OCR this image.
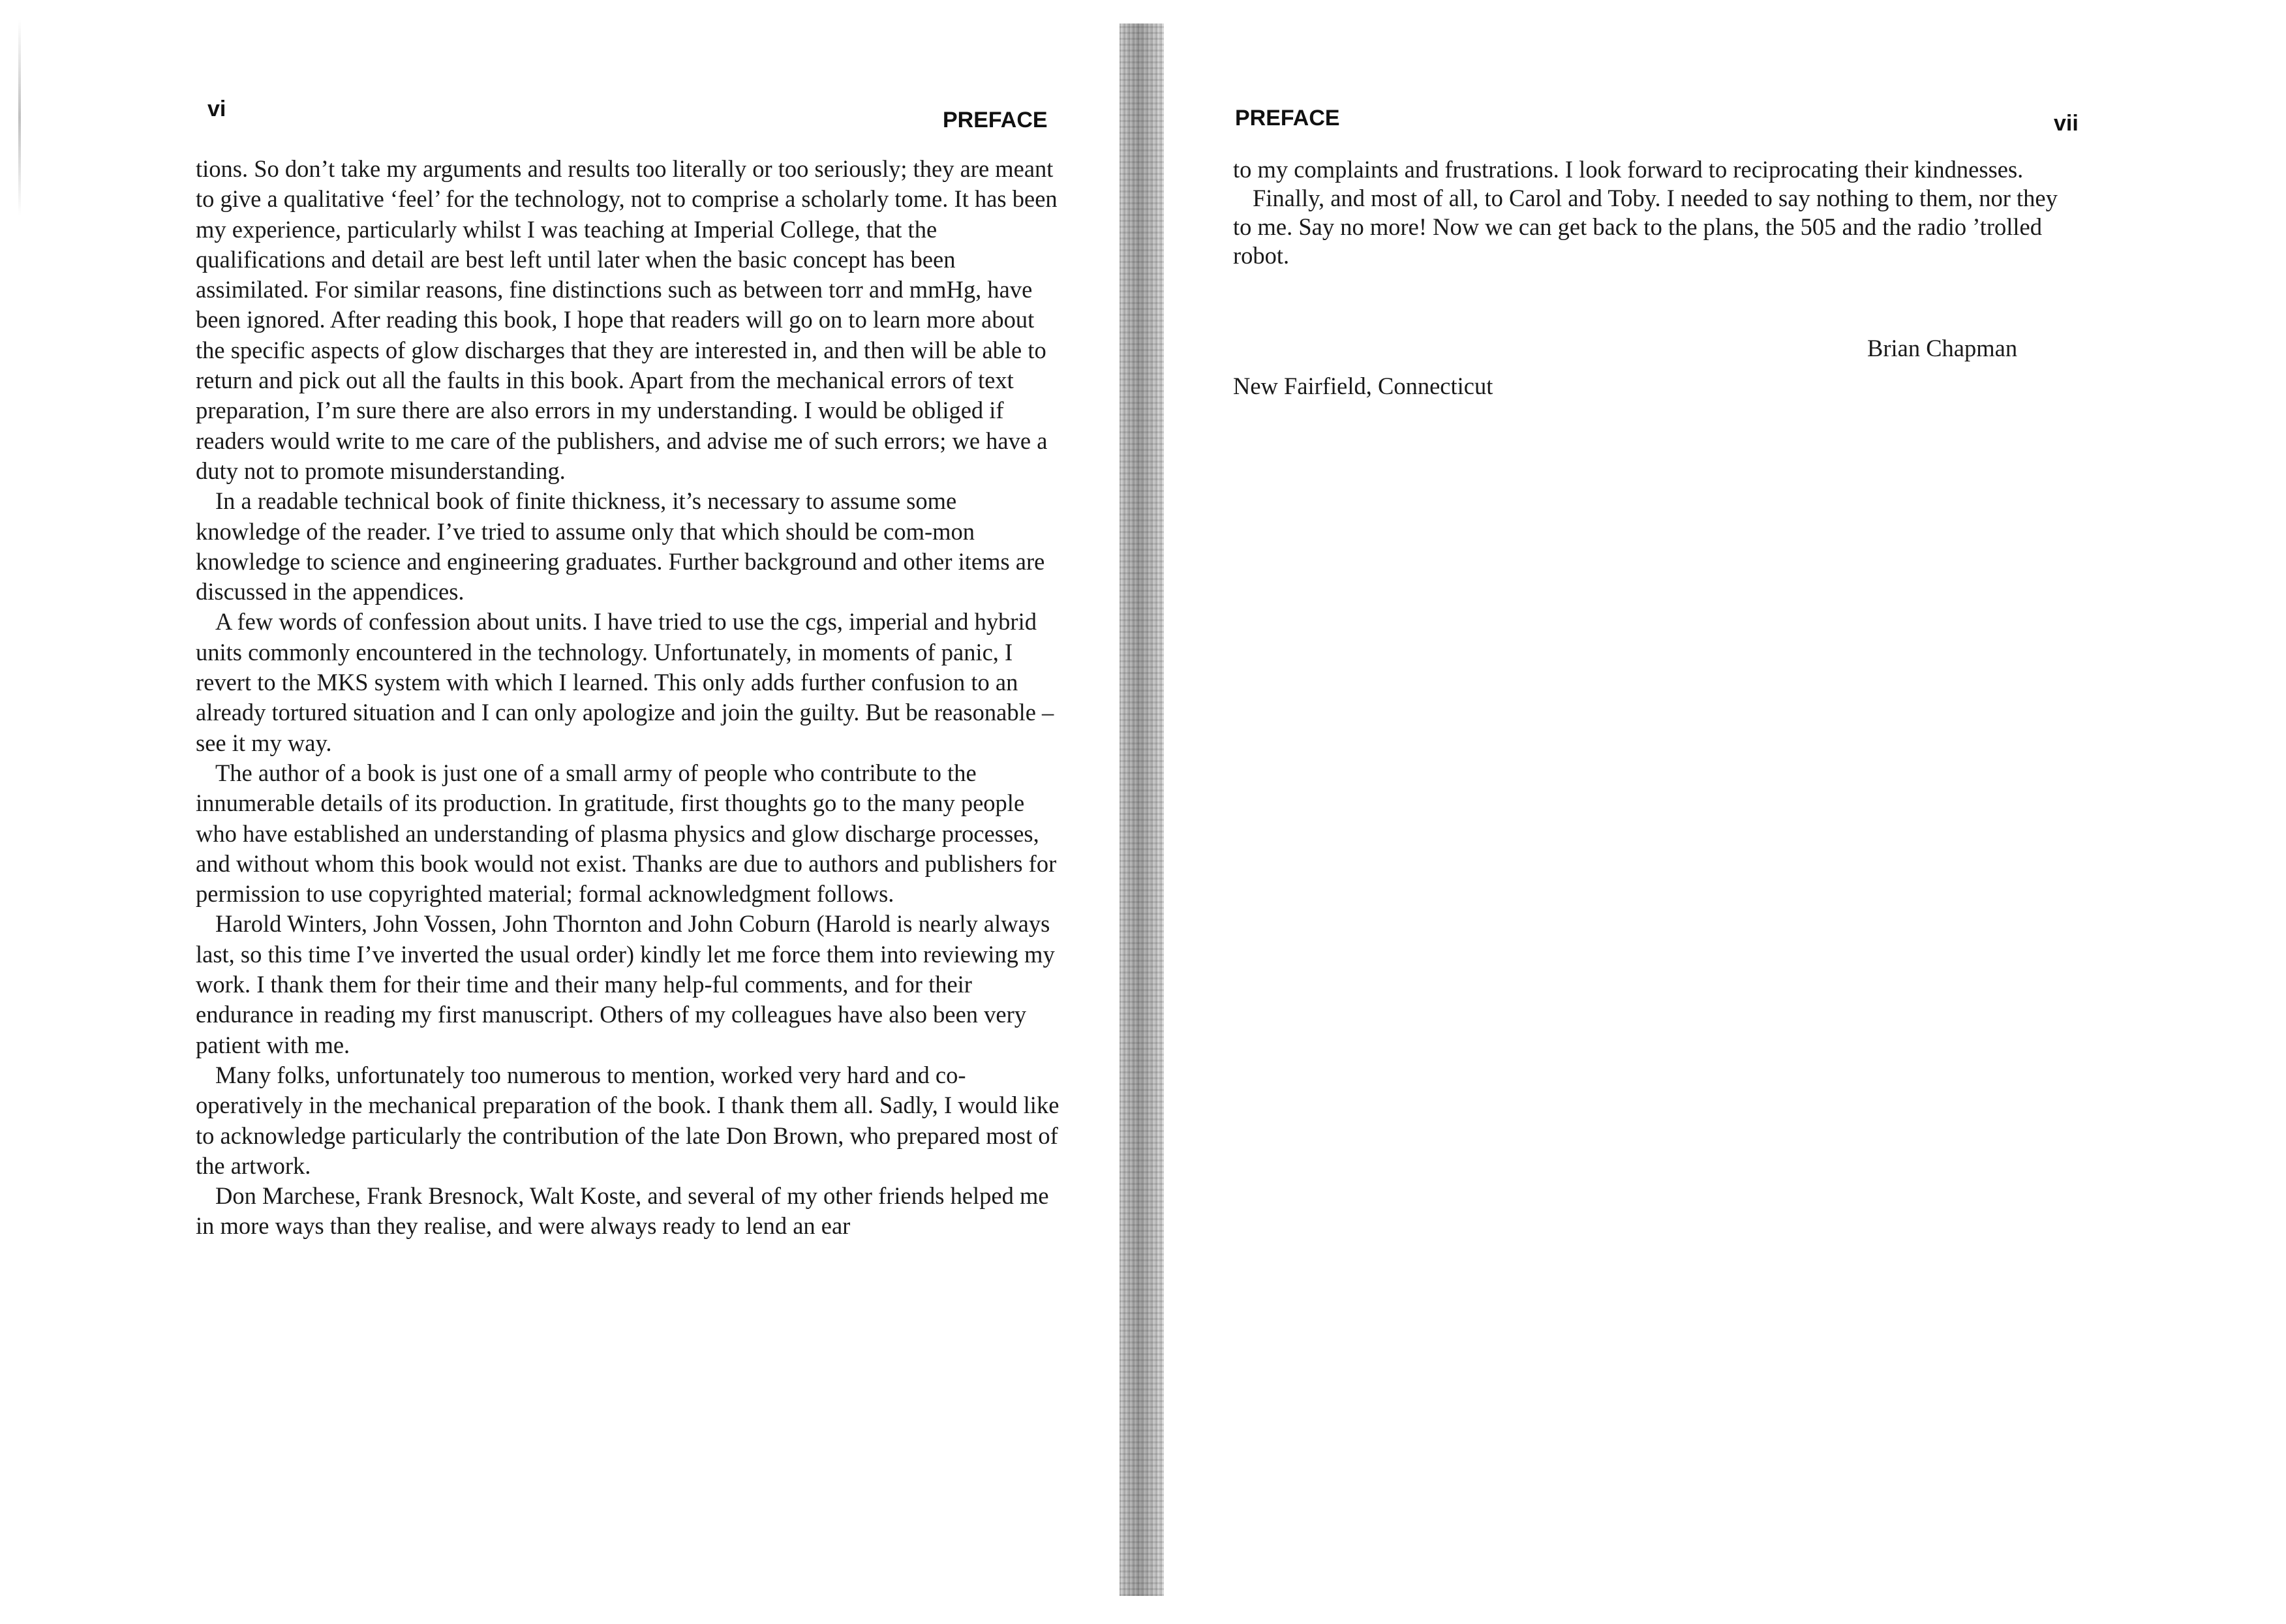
vi	PREFACE

tions. So don’t take my arguments and results too literally or too seriously; they are meant to give a qualitative ‘feel’ for the technology, not to comprise a scholarly tome. It has been my experience, particularly whilst I was teaching at Imperial College, that the qualifications and detail are best left until later when the basic concept has been assimilated. For similar reasons, fine distinctions such as between torr and mmHg, have been ignored. After reading this book, I hope that readers will go on to learn more about the specific aspects of glow discharges that they are interested in, and then will be able to return and pick out all the faults in this book. Apart from the mechanical errors of text preparation, I’m sure there are also errors in my understanding. I would be obliged if readers would write to me care of the publishers, and advise me of such errors; we have a duty not to promote misunderstanding.

In a readable technical book of finite thickness, it’s necessary to assume some knowledge of the reader. I’ve tried to assume only that which should be com-mon knowledge to science and engineering graduates. Further background and other items are discussed in the appendices.

A few words of confession about units. I have tried to use the cgs, imperial and hybrid units commonly encountered in the technology. Unfortunately, in moments of panic, I revert to the MKS system with which I learned. This only adds further confusion to an already tortured situation and I can only apologize and join the guilty. But be reasonable – see it my way.

The author of a book is just one of a small army of people who contribute to the innumerable details of its production. In gratitude, first thoughts go to the many people who have established an understanding of plasma physics and glow discharge processes, and without whom this book would not exist. Thanks are due to authors and publishers for permission to use copyrighted material; formal acknowledgment follows.

Harold Winters, John Vossen, John Thornton and John Coburn (Harold is nearly always last, so this time I’ve inverted the usual order) kindly let me force them into reviewing my work. I thank them for their time and their many help-ful comments, and for their endurance in reading my first manuscript. Others of my colleagues have also been very patient with me.

Many folks, unfortunately too numerous to mention, worked very hard and co-operatively in the mechanical preparation of the book. I thank them all. Sadly, I would like to acknowledge particularly the contribution of the late Don Brown, who prepared most of the artwork.

Don Marchese, Frank Bresnock, Walt Koste, and several of my other friends helped me in more ways than they realise, and were always ready to lend an ear

PREFACE	vii

to my complaints and frustrations. I look forward to reciprocating their kindnesses.

Finally, and most of all, to Carol and Toby. I needed to say nothing to them, nor they to me. Say no more! Now we can get back to the plans, the 505 and the radio ’trolled robot.

Brian Chapman
New Fairfield, Connecticut
